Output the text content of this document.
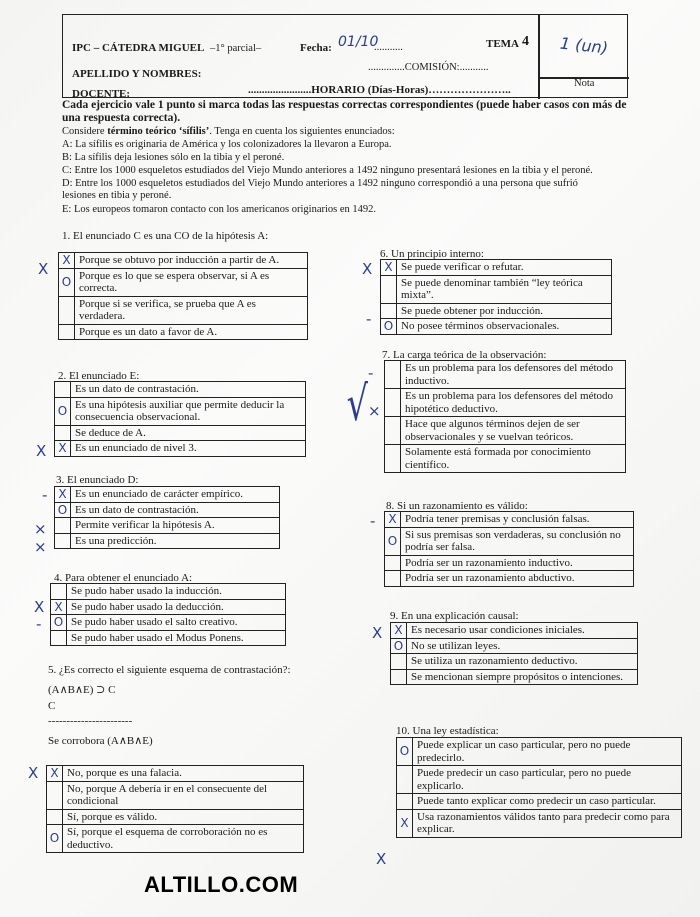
IPC – CÁTEDRA MIGUEL –1° parcial–	Fecha: 01/10
...........	TEMA 4 1 (un)
APELLIDO Y NOMBRES:
..............COMISIÓN:...........
DOCENTE:	.......................HORARIO (Días-Horas)…………………..
Nota
Cada ejercicio vale 1 punto si marca todas las respuestas correctas correspondientes (puede haber casos con más de una respuesta correcta).
Considere término teórico ‘sífilis’. Tenga en cuenta los siguientes enunciados:
A: La sífilis es originaria de América y los colonizadores la llevaron a Europa.
B: La sífilis deja lesiones sólo en la tibia y el peroné.
C: Entre los 1000 esqueletos estudiados del Viejo Mundo anteriores a 1492 ninguno presentará lesiones en la tibia y el peroné.
D: Entre los 1000 esqueletos estudiados del Viejo Mundo anteriores a 1492 ninguno correspondió a una persona que sufrió
lesiones en tibia y peroné.
E: Los europeos tomaron contacto con los americanos originarios en 1492.
1. El enunciado C es una CO de la hipótesis A:
X	Porque se obtuvo por inducción a partir de A.
O	Porque es lo que se espera observar, si A es correcta.
	Porque si se verifica, se prueba que A es verdadera.
	Porque es un dato a favor de A.
X
2. El enunciado E:
	Es un dato de contrastación.
O	Es una hipótesis auxiliar que permite deducir la consecuencia observacional.
	Se deduce de A.
X	Es un enunciado de nivel 3.
X
3. El enunciado D:
X	Es un enunciado de carácter empírico.
O	Es un dato de contrastación.
	Permite verificar la hipótesis A.
	Es una predicción.
-
×
×
4. Para obtener el enunciado A:
	Se pudo haber usado la inducción.
X	Se pudo haber usado la deducción.
O	Se pudo haber usado el salto creativo.
	Se pudo haber usado el Modus Ponens.
X
-
5. ¿Es correcto el siguiente esquema de contrastación?:
(A∧B∧E) ⊃ C
C
-----------------------
Se corrobora (A∧B∧E)
X	No, porque es una falacia.
	No, porque A debería ir en el consecuente del condicional
	Sí, porque es válido.
O	Sí, porque el esquema de corroboración no es deductivo.
X
6. Un principio interno:
X	Se puede verificar o refutar.
	Se puede denominar también “ley teórica mixta”.
	Se puede obtener por inducción.
O	No posee términos observacionales.
X
-
7. La carga teórica de la observación:
	Es un problema para los defensores del método inductivo.
	Es un problema para los defensores del método hipotético deductivo.
	Hace que algunos términos dejen de ser observacionales y se vuelvan teóricos.
	Solamente está formada por conocimiento científico.
√
-
×
8. Si un razonamiento es válido:
X	Podría tener premisas y conclusión falsas.
O	Si sus premisas son verdaderas, su conclusión no podría ser falsa.
	Podría ser un razonamiento inductivo.
	Podría ser un razonamiento abductivo.
-
9. En una explicación causal:
X	Es necesario usar condiciones iniciales.
O	No se utilizan leyes.
	Se utiliza un razonamiento deductivo.
	Se mencionan siempre propósitos o intenciones.
X
10. Una ley estadística:
O	Puede explicar un caso particular, pero no puede predecirlo.
	Puede predecir un caso particular, pero no puede explicarlo.
	Puede tanto explicar como predecir un caso particular.
X	Usa razonamientos válidos tanto para predecir como para explicar.
X
ALTILLO.COM
